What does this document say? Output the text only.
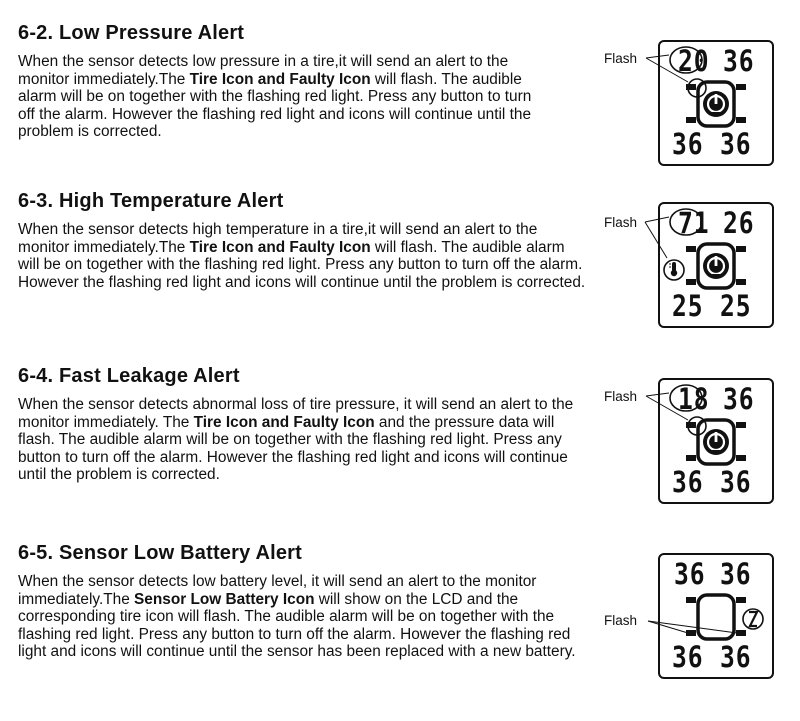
6-2. Low Pressure Alert

When the sensor detects low pressure in a tire,it will send an alert to the monitor immediately.The Tire Icon and Faulty Icon will flash. The audible alarm will be on together with the flashing red light. Press any button to turn off the alarm. However the flashing red light and icons will continue until the problem is corrected.

Flash 20 36
36 36
6-3. High Temperature Alert

When the sensor detects high temperature in a tire,it will send an alert to the monitor immediately.The Tire Icon and Faulty Icon will flash. The audible alarm will be on together with the flashing red light. Press any button to turn off the alarm. However the flashing red light and icons will continue until the problem is corrected.

Flash 71 26
25 25
6-4. Fast Leakage Alert

When the sensor detects abnormal loss of tire pressure, it will send an alert to the monitor immediately. The Tire Icon and Faulty Icon and the pressure data will flash. The audible alarm will be on together with the flashing red light. Press any button to turn off the alarm. However the flashing red light and icons will continue until the problem is corrected.

Flash 18 36
36 36
6-5. Sensor Low Battery Alert

When the sensor detects low battery level, it will send an alert to the monitor immediately.The Sensor Low Battery Icon will show on the LCD and the corresponding tire icon will flash. The audible alarm will be on together with the flashing red light. Press any button to turn off the alarm. However the flashing red light and icons will continue until the sensor has been replaced with a new battery.

Flash
36 36
36 36
